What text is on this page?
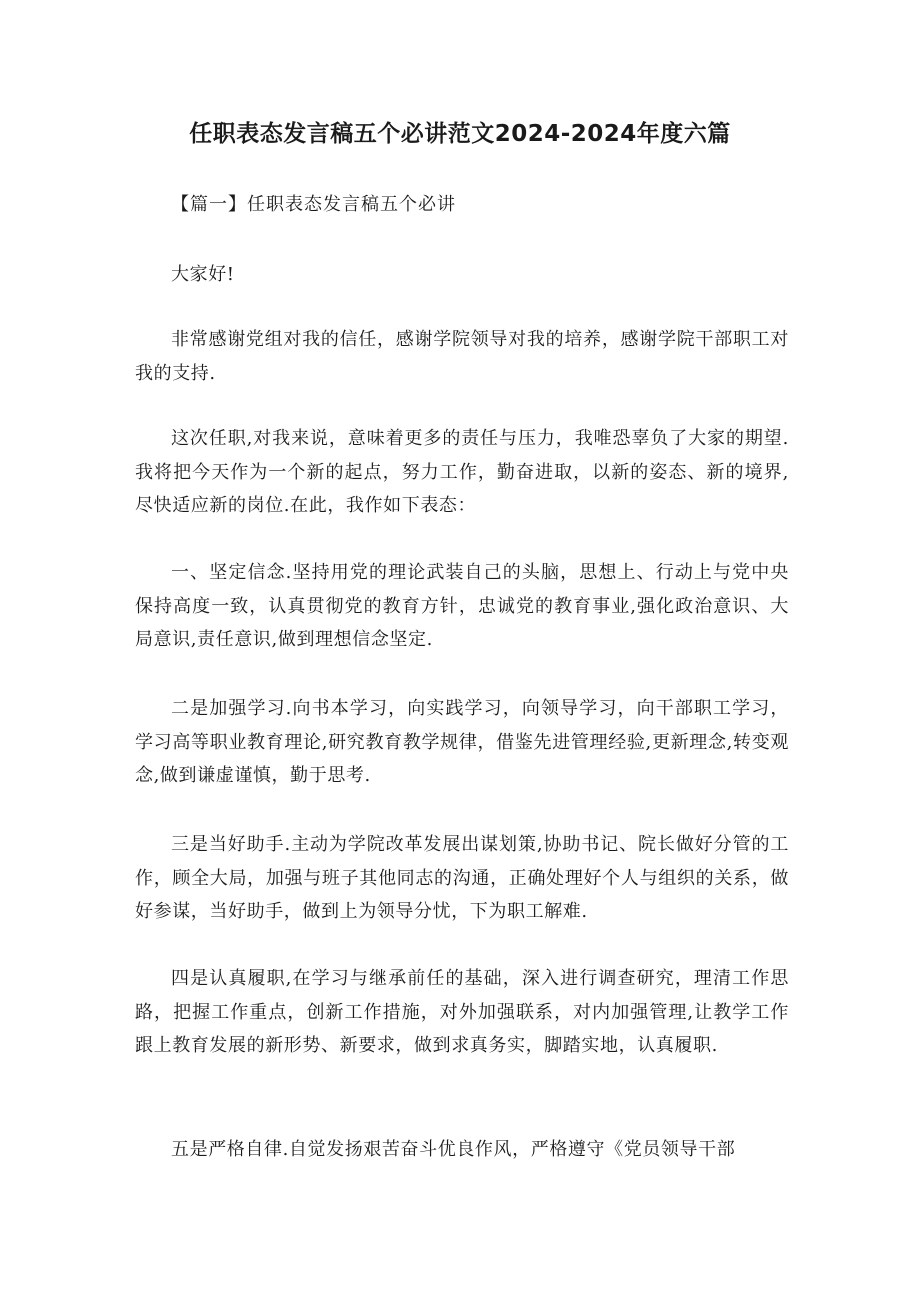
任职表态发言稿五个必讲范文2024-2024年度六篇
【篇一】任职表态发言稿五个必讲
大家好!
非常感谢党组对我的信任，感谢学院领导对我的培养，感谢学院干部职工对我的支持.
这次任职,对我来说，意味着更多的责任与压力，我唯恐辜负了大家的期望.我将把今天作为一个新的起点，努力工作，勤奋进取，以新的姿态、新的境界,尽快适应新的岗位.在此，我作如下表态：
一、坚定信念.坚持用党的理论武装自己的头脑，思想上、行动上与党中央保持高度一致，认真贯彻党的教育方针，忠诚党的教育事业,强化政治意识、大局意识,责任意识,做到理想信念坚定.
二是加强学习.向书本学习，向实践学习，向领导学习，向干部职工学习，学习高等职业教育理论,研究教育教学规律，借鉴先进管理经验,更新理念,转变观念,做到谦虚谨慎，勤于思考.
三是当好助手.主动为学院改革发展出谋划策,协助书记、院长做好分管的工作，顾全大局，加强与班子其他同志的沟通，正确处理好个人与组织的关系，做好参谋，当好助手，做到上为领导分忧，下为职工解难.
四是认真履职,在学习与继承前任的基础，深入进行调查研究，理清工作思路，把握工作重点，创新工作措施，对外加强联系，对内加强管理,让教学工作跟上教育发展的新形势、新要求，做到求真务实，脚踏实地，认真履职.
五是严格自律.自觉发扬艰苦奋斗优良作风，严格遵守《党员领导干部
